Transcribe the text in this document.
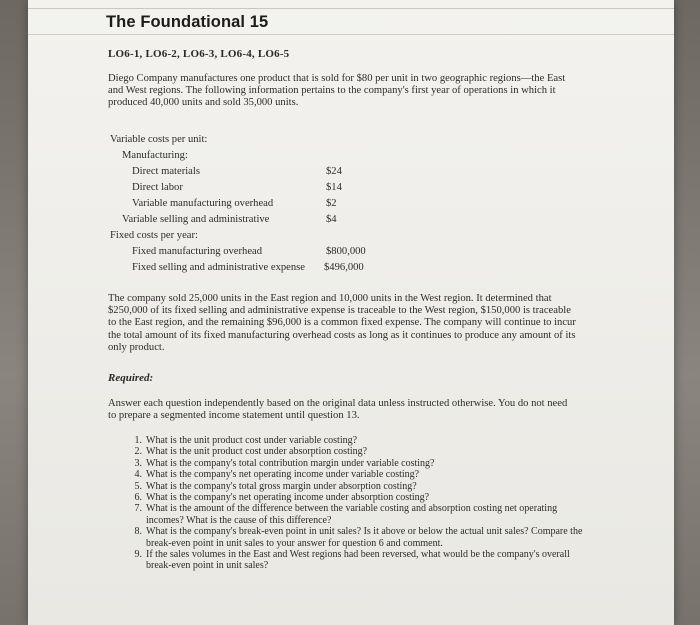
The Foundational 15
LO6-1, LO6-2, LO6-3, LO6-4, LO6-5
Diego Company manufactures one product that is sold for $80 per unit in two geographic regions—the East and West regions. The following information pertains to the company's first year of operations in which it produced 40,000 units and sold 35,000 units.
Variable costs per unit:
Manufacturing:
Direct materials	$24
Direct labor	$14
Variable manufacturing overhead	$2
Variable selling and administrative	$4
Fixed costs per year:
Fixed manufacturing overhead	$800,000
Fixed selling and administrative expense $496,000
The company sold 25,000 units in the East region and 10,000 units in the West region. It determined that $250,000 of its fixed selling and administrative expense is traceable to the West region, $150,000 is traceable to the East region, and the remaining $96,000 is a common fixed expense. The company will continue to incur the total amount of its fixed manufacturing overhead costs as long as it continues to produce any amount of its only product.
Required:
Answer each question independently based on the original data unless instructed otherwise. You do not need to prepare a segmented income statement until question 13.
1. What is the unit product cost under variable costing?
2. What is the unit product cost under absorption costing?
3. What is the company's total contribution margin under variable costing?
4. What is the company's net operating income under variable costing?
5. What is the company's total gross margin under absorption costing?
6. What is the company's net operating income under absorption costing?
7. What is the amount of the difference between the variable costing and absorption costing net operating incomes? What is the cause of this difference?
8. What is the company's break-even point in unit sales? Is it above or below the actual unit sales? Compare the break-even point in unit sales to your answer for question 6 and comment.
9. If the sales volumes in the East and West regions had been reversed, what would be the company's overall break-even point in unit sales?
